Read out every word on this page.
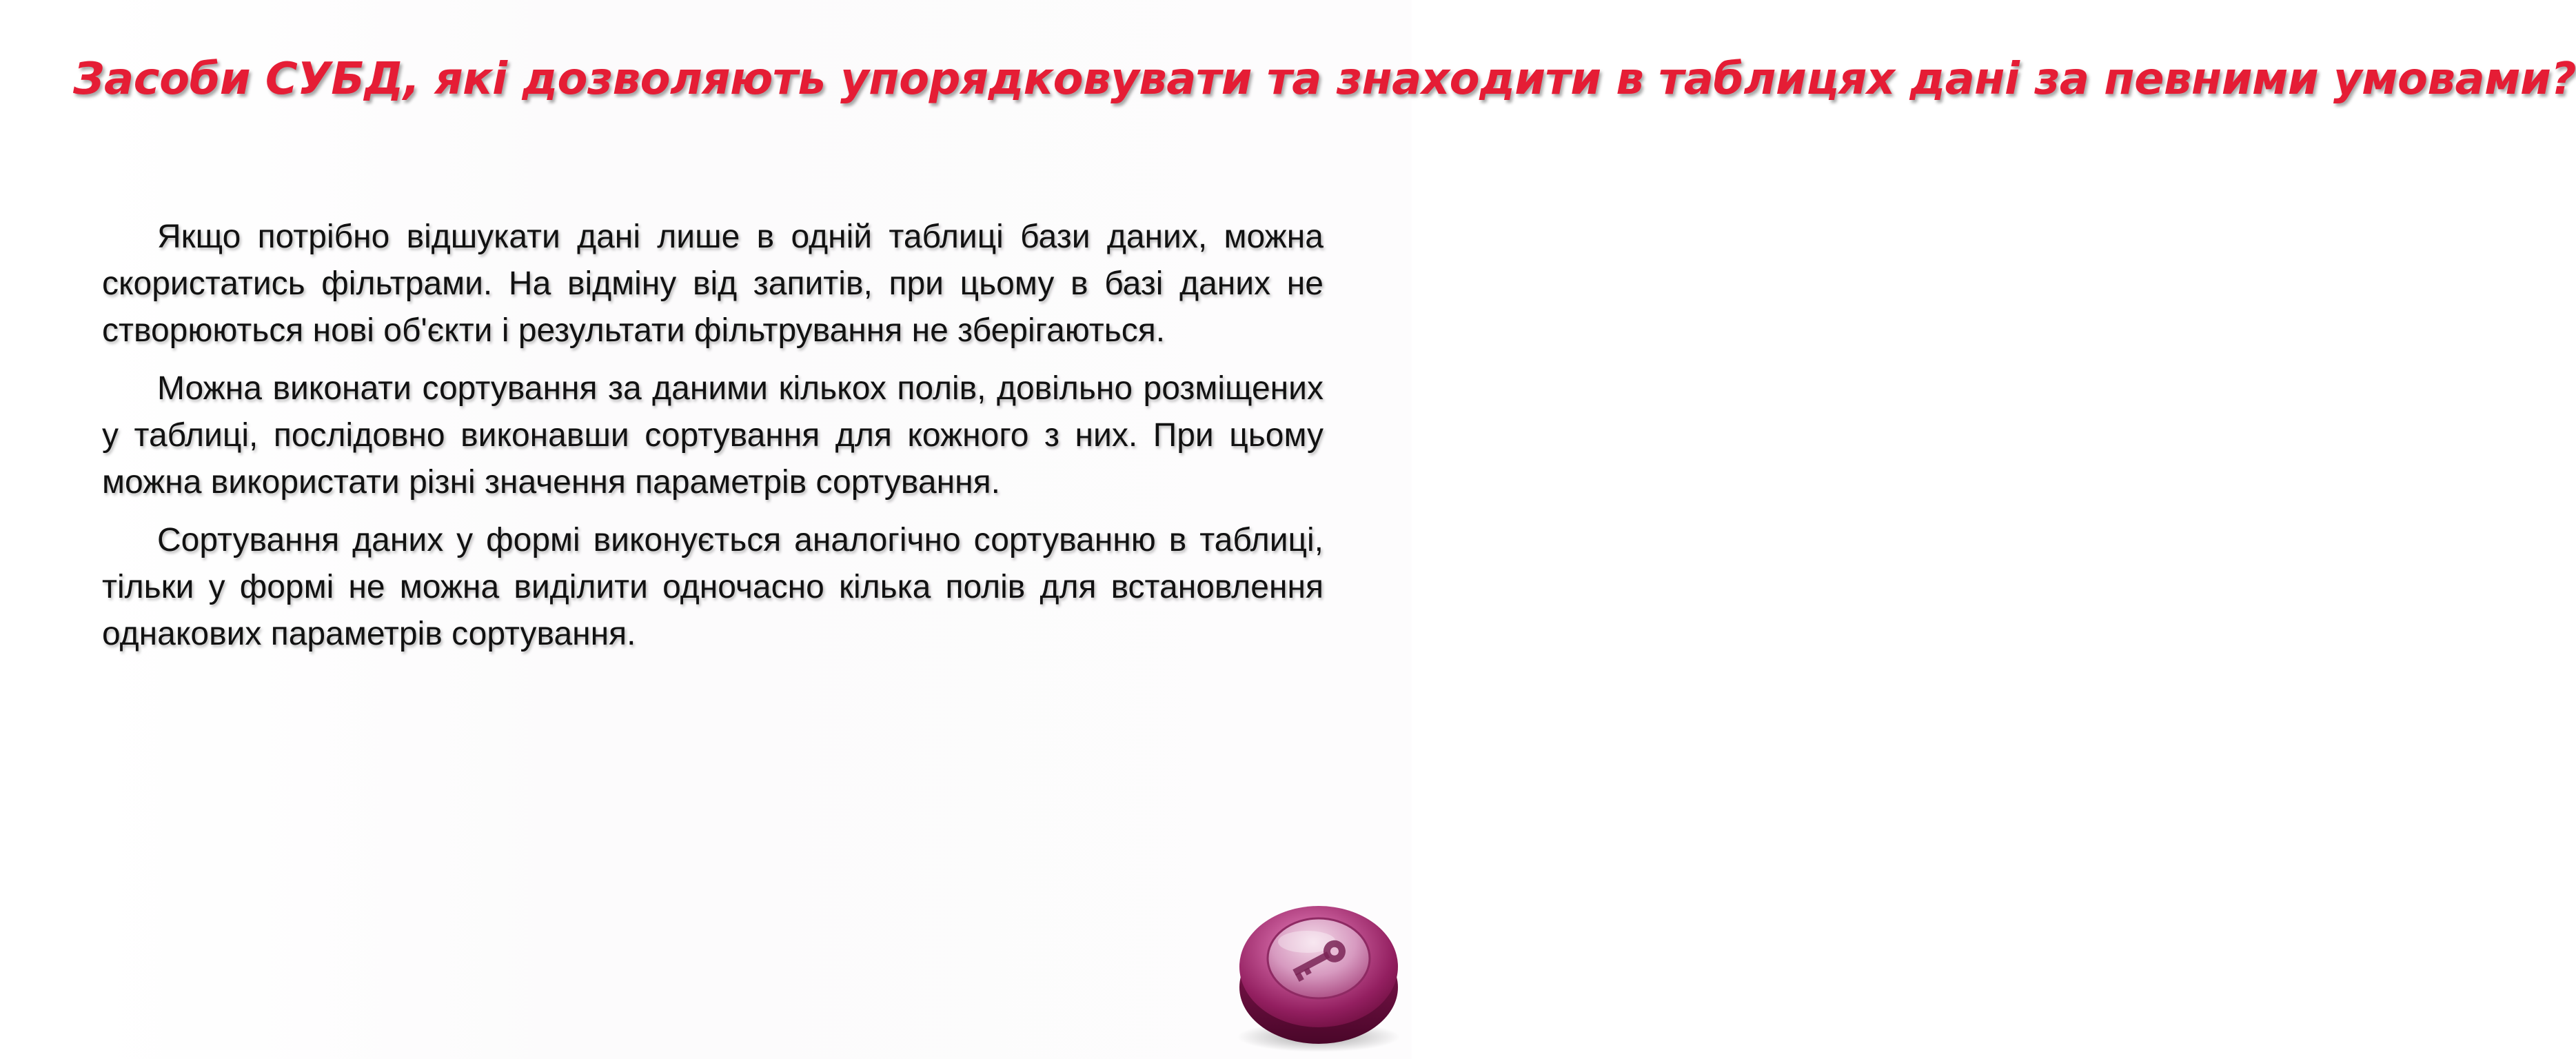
Засоби СУБД, які дозволяють упорядковувати та знаходити в таблицях дані за певними умовами?

Якщо потрібно відшукати дані лише в одній таблиці бази даних, можна скористатись фільтрами. На відміну від запитів, при цьому в базі даних не створюються нові об'єкти і результати фільтрування не зберігаються.

Можна виконати сортування за даними кількох полів, довільно розміщених у таблиці, послідовно виконавши сортування для кожного з них. При цьому можна використати різні значення параметрів сортування.

Сортування даних у формі виконується аналогічно сортуванню в таблиці, тільки у формі не можна виділити одночасно кілька полів для встановлення однакових параметрів сортування.
